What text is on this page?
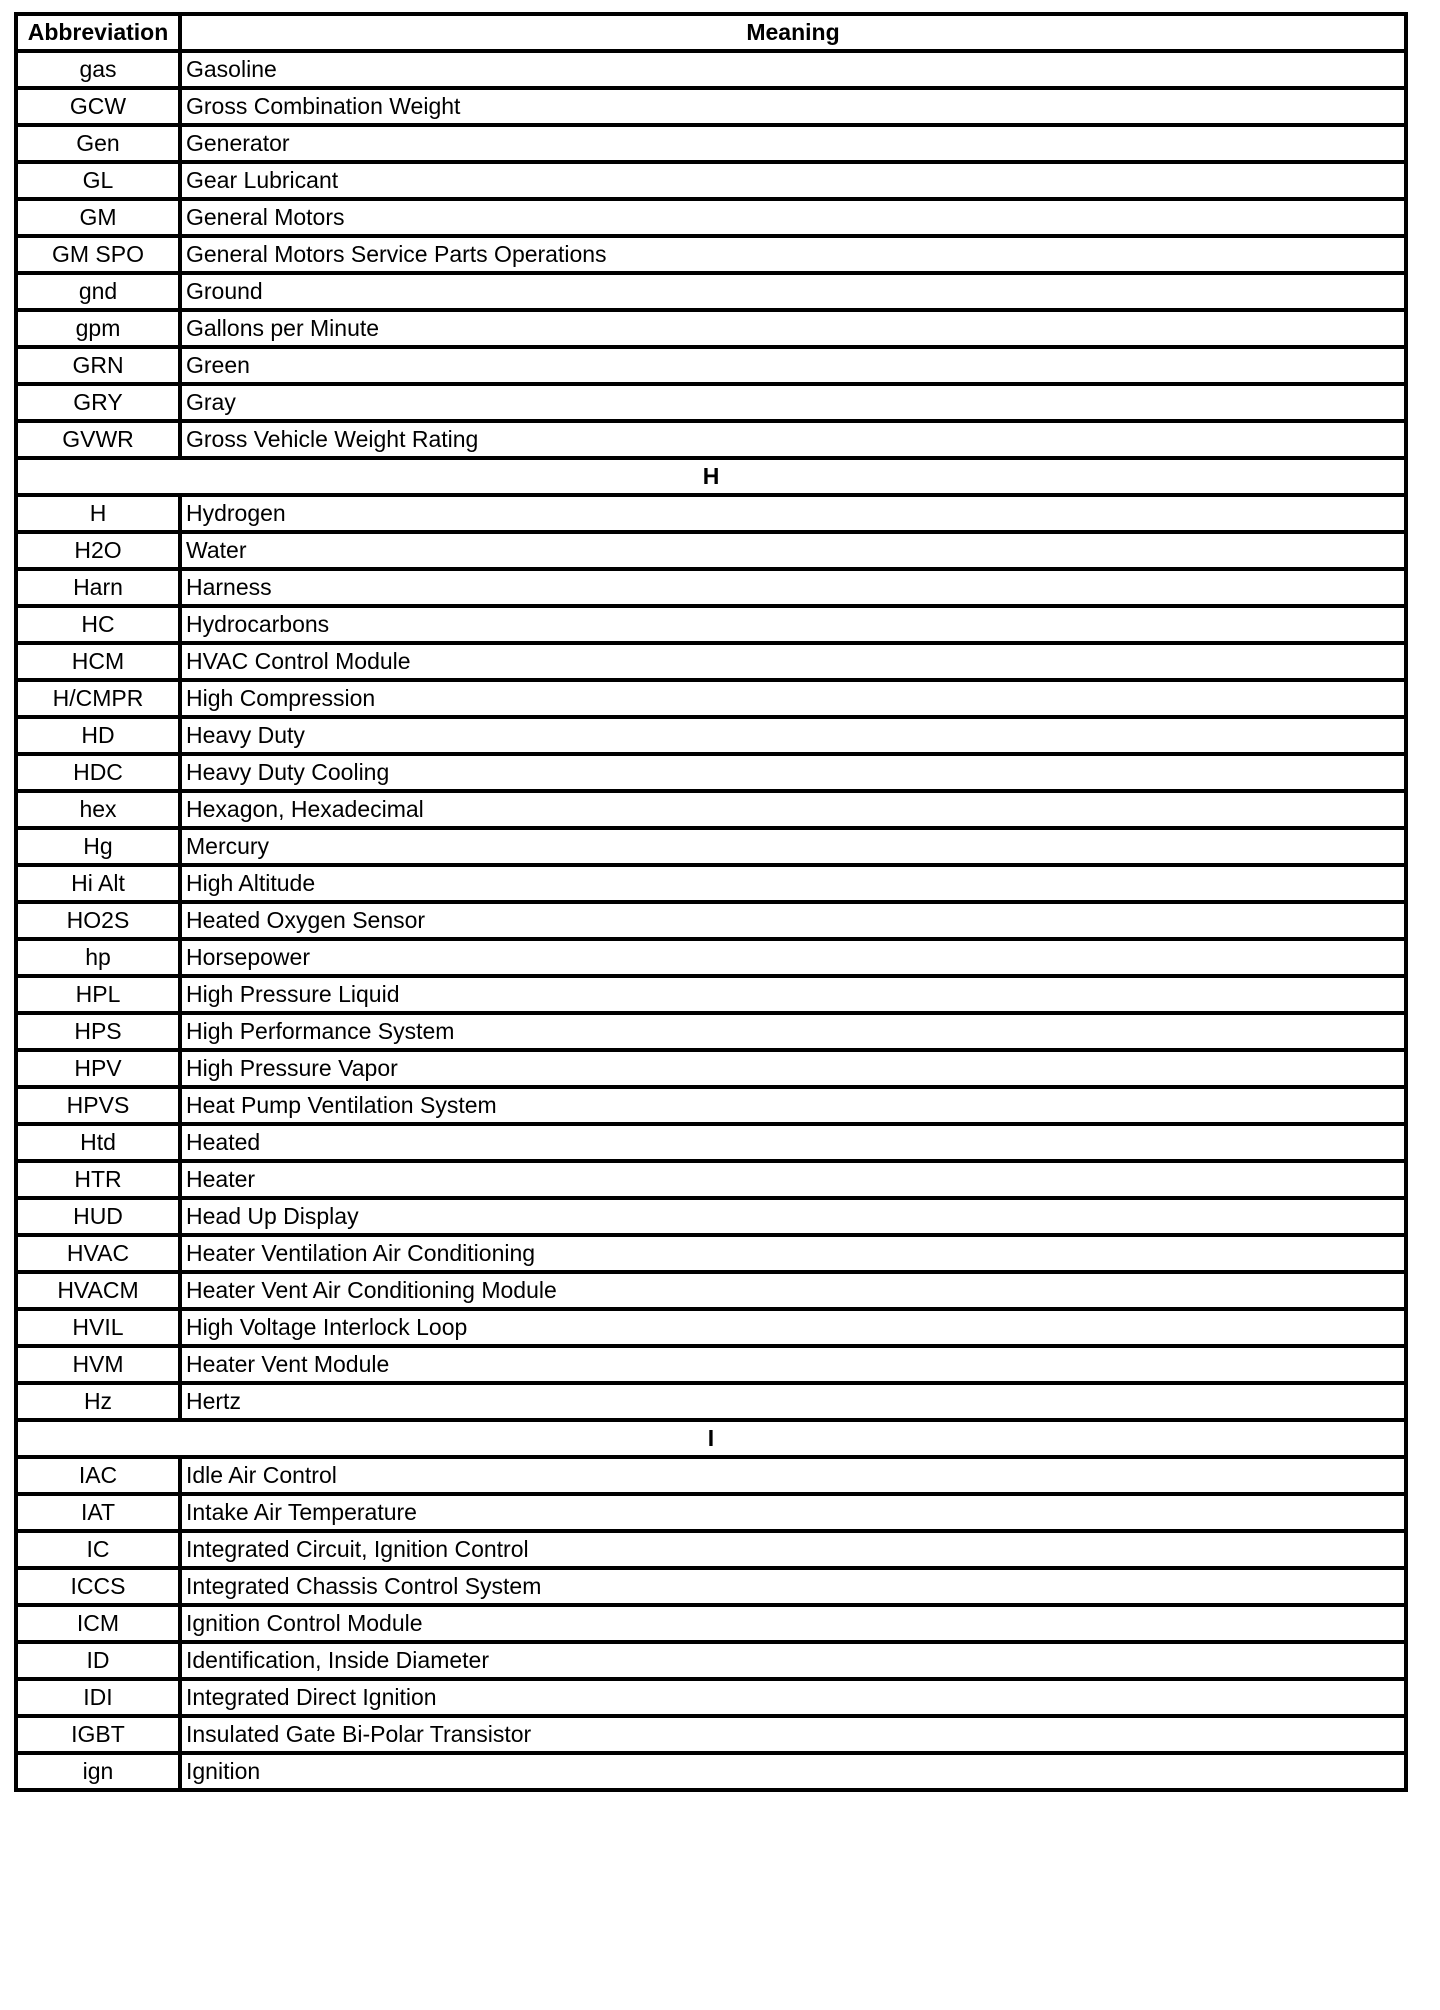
Abbreviation	Meaning
gas	Gasoline
GCW	Gross Combination Weight
Gen	Generator
GL	Gear Lubricant
GM	General Motors
GM SPO	General Motors Service Parts Operations
gnd	Ground
gpm	Gallons per Minute
GRN	Green
GRY	Gray
GVWR	Gross Vehicle Weight Rating
H	
H	Hydrogen
H2O	Water
Harn	Harness
HC	Hydrocarbons
HCM	HVAC Control Module
H/CMPR	High Compression
HD	Heavy Duty
HDC	Heavy Duty Cooling
hex	Hexagon, Hexadecimal
Hg	Mercury
Hi Alt	High Altitude
HO2S	Heated Oxygen Sensor
hp	Horsepower
HPL	High Pressure Liquid
HPS	High Performance System
HPV	High Pressure Vapor
HPVS	Heat Pump Ventilation System
Htd	Heated
HTR	Heater
HUD	Head Up Display
HVAC	Heater Ventilation Air Conditioning
HVACM	Heater Vent Air Conditioning Module
HVIL	High Voltage Interlock Loop
HVM	Heater Vent Module
Hz	Hertz
I	
IAC	Idle Air Control
IAT	Intake Air Temperature
IC	Integrated Circuit, Ignition Control
ICCS	Integrated Chassis Control System
ICM	Ignition Control Module
ID	Identification, Inside Diameter
IDI	Integrated Direct Ignition
IGBT	Insulated Gate Bi-Polar Transistor
ign	Ignition
